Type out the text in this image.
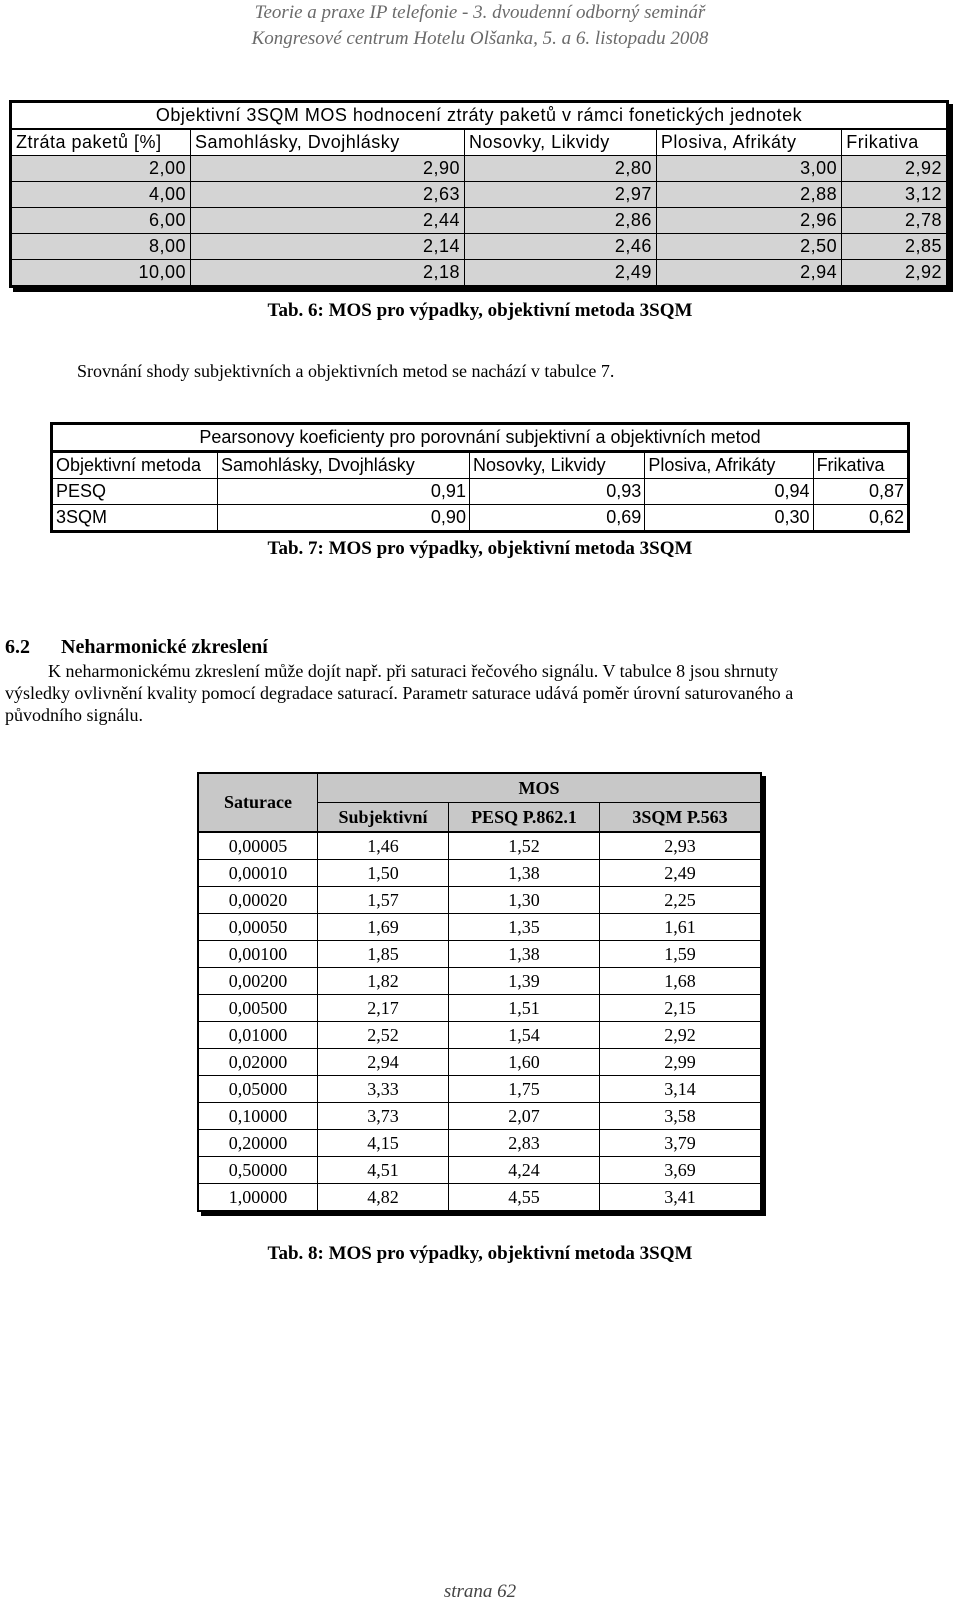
Teorie a praxe IP telefonie - 3. dvoudenní odborný seminář
Kongresové centrum Hotelu Olšanka, 5. a 6. listopadu 2008
Objektivní 3SQM MOS hodnocení ztráty paketů v rámci fonetických jednotek				
Ztráta paketů [%]	Samohlásky, Dvojhlásky	Nosovky, Likvidy	Plosiva, Afrikáty	Frikativa
2,00	2,90	2,80	3,00	2,92
4,00	2,63	2,97	2,88	3,12
6,00	2,44	2,86	2,96	2,78
8,00	2,14	2,46	2,50	2,85
10,00	2,18	2,49	2,94	2,92
Tab. 6: MOS pro výpadky, objektivní metoda 3SQM
Srovnání shody subjektivních a objektivních metod se nachází v tabulce 7.
Pearsonovy koeficienty pro porovnání subjektivní a objektivních metod				
Objektivní metoda	Samohlásky, Dvojhlásky	Nosovky, Likvidy	Plosiva, Afrikáty	Frikativa
PESQ	0,91	0,93	0,94	0,87
3SQM	0,90	0,69	0,30	0,62
Tab. 7: MOS pro výpadky, objektivní metoda 3SQM
6.2 Neharmonické zkreslení
K neharmonickému zkreslení může dojít např. při saturaci řečového signálu. V tabulce 8 jsou shrnuty
výsledky ovlivnění kvality pomocí degradace saturací. Parametr saturace udává poměr úrovní saturovaného a
původního signálu.
Saturace	MOS		
	Subjektivní	PESQ P.862.1	3SQM P.563
0,00005	1,46	1,52	2,93
0,00010	1,50	1,38	2,49
0,00020	1,57	1,30	2,25
0,00050	1,69	1,35	1,61
0,00100	1,85	1,38	1,59
0,00200	1,82	1,39	1,68
0,00500	2,17	1,51	2,15
0,01000	2,52	1,54	2,92
0,02000	2,94	1,60	2,99
0,05000	3,33	1,75	3,14
0,10000	3,73	2,07	3,58
0,20000	4,15	2,83	3,79
0,50000	4,51	4,24	3,69
1,00000	4,82	4,55	3,41
Tab. 8: MOS pro výpadky, objektivní metoda 3SQM
strana 62
